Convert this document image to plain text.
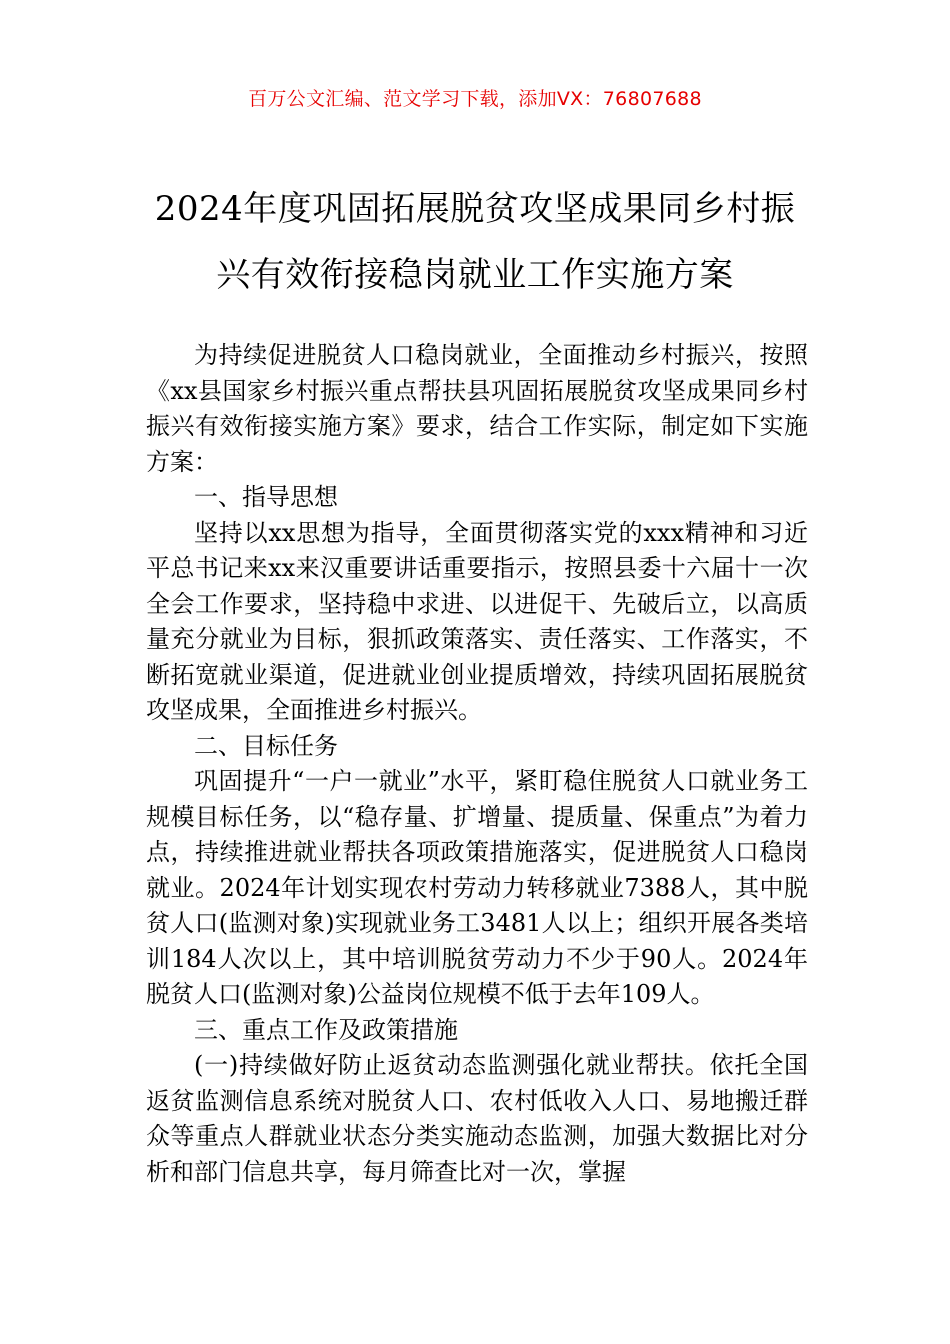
百万公文汇编、范文学习下载，添加VX：76807688
2024年度巩固拓展脱贫攻坚成果同乡村振
兴有效衔接稳岗就业工作实施方案

为持续促进脱贫人口稳岗就业，全面推动乡村振兴，按照《xx县国家乡村振兴重点帮扶县巩固拓展脱贫攻坚成果同乡村振兴有效衔接实施方案》要求，结合工作实际，制定如下实施方案：

一、指导思想

坚持以xx思想为指导，全面贯彻落实党的xxx精神和习近平总书记来xx来汉重要讲话重要指示，按照县委十六届十一次全会工作要求，坚持稳中求进、以进促干、先破后立，以高质量充分就业为目标，狠抓政策落实、责任落实、工作落实，不断拓宽就业渠道，促进就业创业提质增效，持续巩固拓展脱贫攻坚成果，全面推进乡村振兴。

二、目标任务

巩固提升“一户一就业”水平，紧盯稳住脱贫人口就业务工规模目标任务，以“稳存量、扩增量、提质量、保重点”为着力点，持续推进就业帮扶各项政策措施落实，促进脱贫人口稳岗就业。2024年计划实现农村劳动力转移就业7388人，其中脱贫人口(监测对象)实现就业务工3481人以上；组织开展各类培训184人次以上，其中培训脱贫劳动力不少于90人。2024年脱贫人口(监测对象)公益岗位规模不低于去年109人。

三、重点工作及政策措施

(一)持续做好防止返贫动态监测强化就业帮扶。依托全国返贫监测信息系统对脱贫人口、农村低收入人口、易地搬迁群众等重点人群就业状态分类实施动态监测，加强大数据比对分析和部门信息共享，每月筛查比对一次，掌握
